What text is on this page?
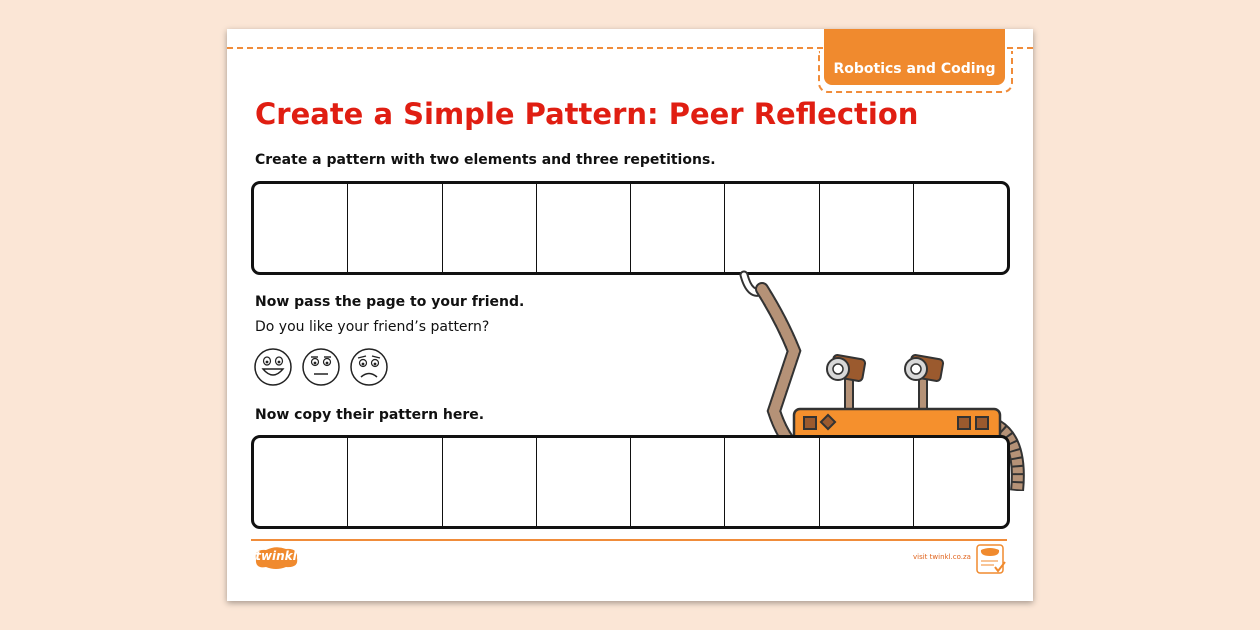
Robotics and Coding
Create a Simple Pattern: Peer Reflection
Create a pattern with two elements and three repetitions.
Now pass the page to your friend.
Do you like your friend’s pattern?
Now copy their pattern here.
twinkl	visit twinkl.co.za
